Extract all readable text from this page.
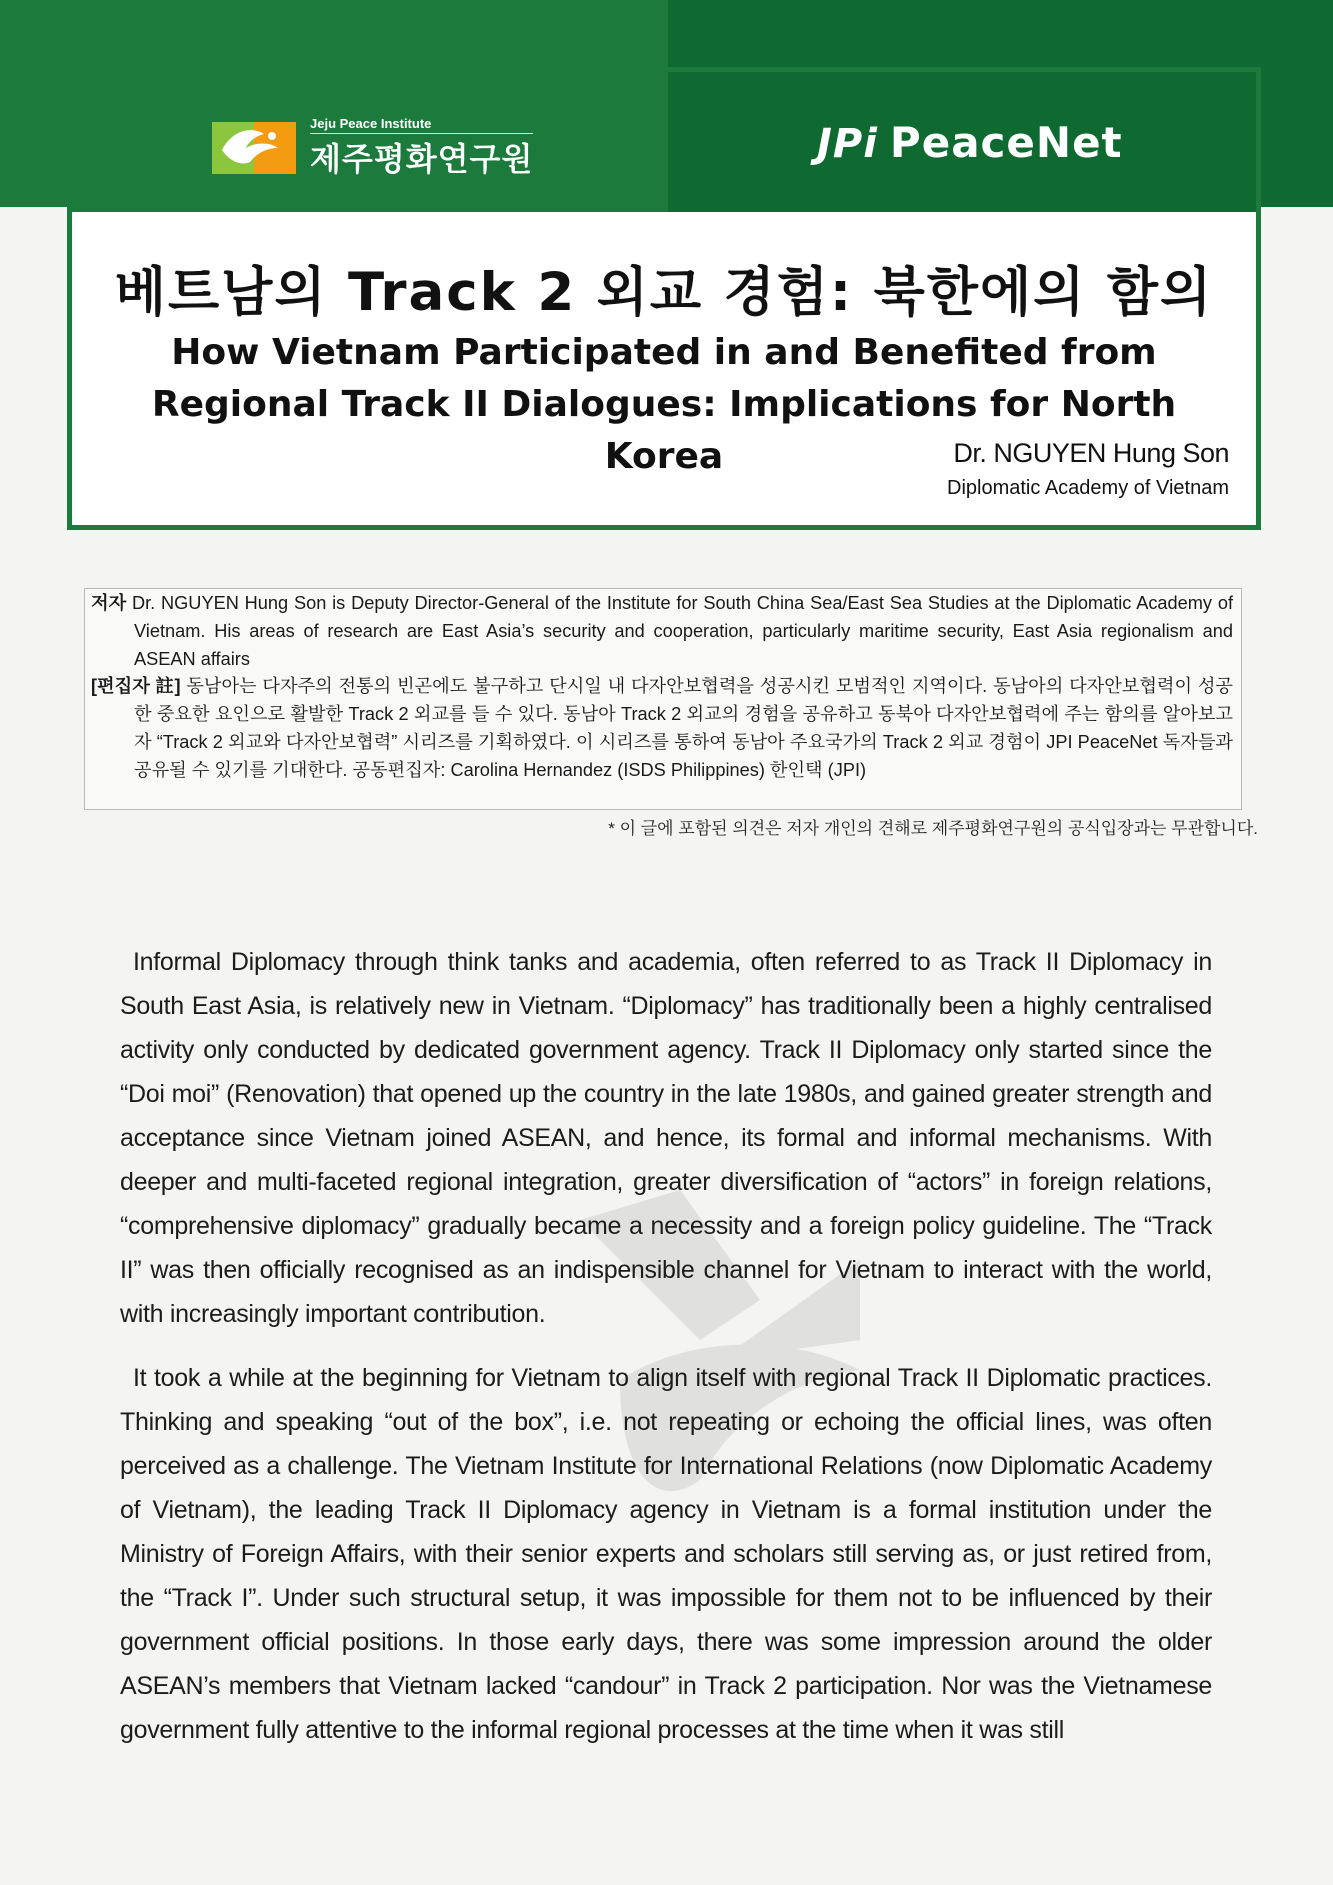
Jeju Peace Institute
제주평화연구원	JPi PeaceNet
베트남의 Track 2 외교 경험: 북한에의 함의
How Vietnam Participated in and Benefited from Regional Track II Dialogues: Implications for North Korea	Dr. NGUYEN Hung Son
Diplomatic Academy of Vietnam
저자 Dr. NGUYEN Hung Son is Deputy Director-General of the Institute for South China Sea/East Sea Studies at the Diplomatic Academy of Vietnam. His areas of research are East Asia’s security and cooperation, particularly maritime security, East Asia regionalism and ASEAN affairs
[편집자 註] 동남아는 다자주의 전통의 빈곤에도 불구하고 단시일 내 다자안보협력을 성공시킨 모범적인 지역이다. 동남아의 다자안보협력이 성공한 중요한 요인으로 활발한 Track 2 외교를 들 수 있다. 동남아 Track 2 외교의 경험을 공유하고 동북아 다자안보협력에 주는 함의를 알아보고자 “Track 2 외교와 다자안보협력” 시리즈를 기획하였다. 이 시리즈를 통하여 동남아 주요국가의 Track 2 외교 경험이 JPI PeaceNet 독자들과 공유될 수 있기를 기대한다. 공동편집자: Carolina Hernandez (ISDS Philippines) 한인택 (JPI)
* 이 글에 포함된 의견은 저자 개인의 견해로 제주평화연구원의 공식입장과는 무관합니다.

Informal Diplomacy through think tanks and academia, often referred to as Track II Diplomacy in South East Asia, is relatively new in Vietnam. “Diplomacy” has traditionally been a highly centralised activity only conducted by dedicated government agency. Track II Diplomacy only started since the “Doi moi” (Renovation) that opened up the country in the late 1980s, and gained greater strength and acceptance since Vietnam joined ASEAN, and hence, its formal and informal mechanisms. With deeper and multi-faceted regional integration, greater diversification of “actors” in foreign relations, “comprehensive diplomacy” gradually became a necessity and a foreign policy guideline. The “Track II” was then officially recognised as an indispensible channel for Vietnam to interact with the world, with increasingly important contribution.

It took a while at the beginning for Vietnam to align itself with regional Track II Diplomatic practices. Thinking and speaking “out of the box”, i.e. not repeating or echoing the official lines, was often perceived as a challenge. The Vietnam Institute for International Relations (now Diplomatic Academy of Vietnam), the leading Track II Diplomacy agency in Vietnam is a formal institution under the Ministry of Foreign Affairs, with their senior experts and scholars still serving as, or just retired from, the “Track I”. Under such structural setup, it was impossible for them not to be influenced by their government official positions. In those early days, there was some impression around the older ASEAN’s members that Vietnam lacked “candour” in Track 2 participation. Nor was the Vietnamese government fully attentive to the informal regional processes at the time when it was still
